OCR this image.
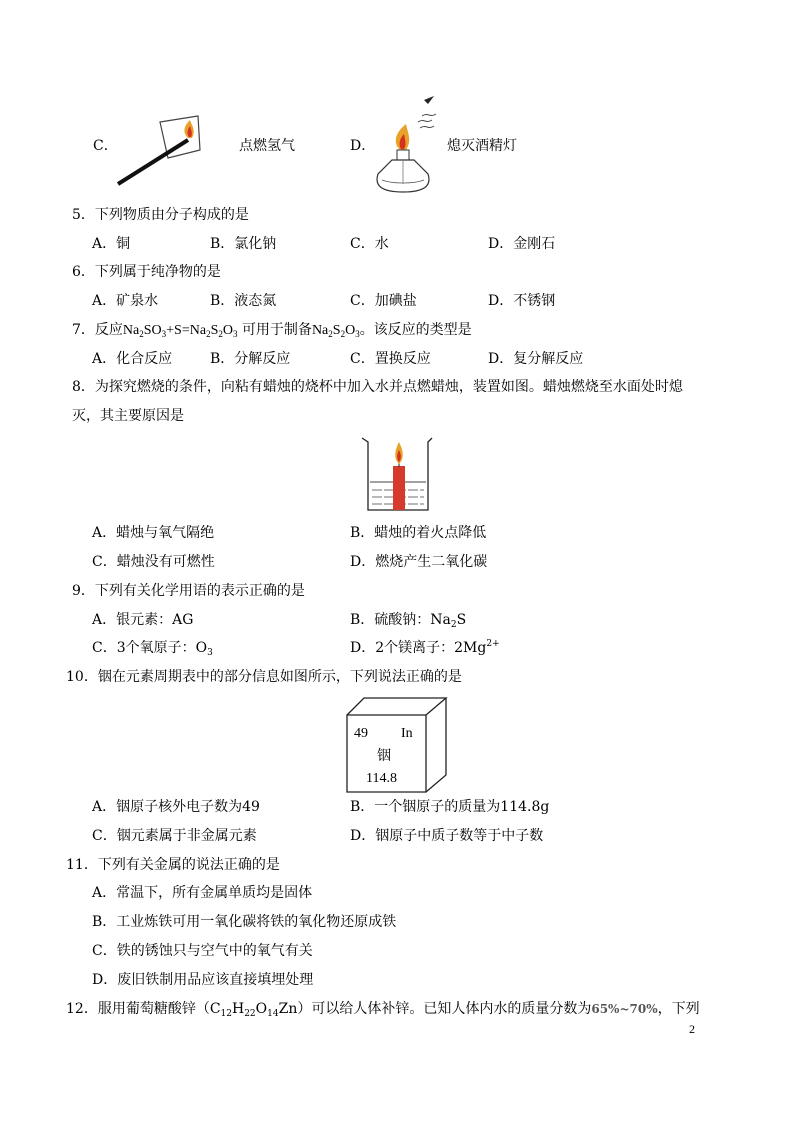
C．	点燃氢气	D．	熄灭酒精灯
5．下列物质由分子构成的是
A．铜	B．氯化钠	C．水	D．金刚石
6．下列属于纯净物的是
A．矿泉水	B．液态氮	C．加碘盐	D．不锈钢
7．反应$Na_2SO_3+S=Na_2S_2O_3$ 可用于制备$Na_2S_2O_3$。该反应的类型是
A．化合反应	B．分解反应	C．置换反应	D．复分解反应
8．为探究燃烧的条件，向粘有蜡烛的烧杯中加入水并点燃蜡烛，装置如图。蜡烛燃烧至水面处时熄
灭，其主要原因是
A．蜡烛与氧气隔绝	B．蜡烛的着火点降低
C．蜡烛没有可燃性	D．燃烧产生二氧化碳
9．下列有关化学用语的表示正确的是
A．银元素：AG	B．硫酸钠：$Na_2S$
C．3个氧原子：$O_3$	D．2个镁离子：$2Mg^{2+}$
10．铟在元素周期表中的部分信息如图所示，下列说法正确的是
49 In
铟
114.8
A．铟原子核外电子数为49	B．一个铟原子的质量为114.8g
C．铟元素属于非金属元素	D．铟原子中质子数等于中子数
11．下列有关金属的说法正确的是
A．常温下，所有金属单质均是固体
B．工业炼铁可用一氧化碳将铁的氧化物还原成铁
C．铁的锈蚀只与空气中的氧气有关
D．废旧铁制用品应该直接填埋处理
12．服用葡萄糖酸锌$(C_{12}H_{22}O_{14}Zn)$可以给人体补锌。已知人体内水的质量分数为65%~70%，下列
2
